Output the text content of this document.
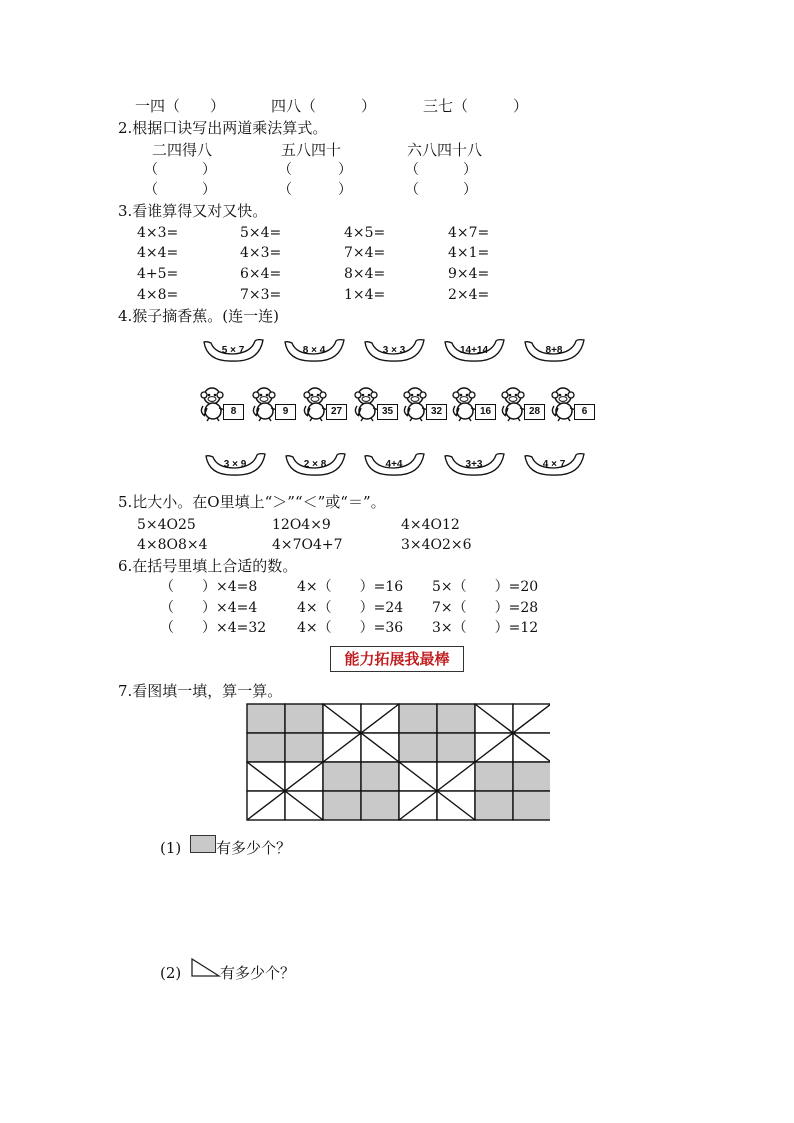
一四（　　）	四八（　　　）	三七（　　　）
2.根据口诀写出两道乘法算式。
二四得八	五八四十	六八四十八
（	）	（	）	（	）
（	）	（	）	（	）
3.看谁算得又对又快。
4×3=	5×4=	4×5=	4×7=
4×4=	4×3=	7×4=	4×1=
4+5=	6×4=	8×4=	9×4=
4×8=	7×3=	1×4=	2×4=
4.猴子摘香蕉。(连一连)
5 × 7	8 × 4	3 × 3	14+14	8+8
8	9	27	35	32	16	28	6
3 × 9	2 × 8	4+4	3+3	4 × 7
5.比大小。在O里填上“＞”“＜”或“＝”。
5×4O25	12O4×9	4×4O12
4×8O8×4	4×7O4+7	3×4O2×6
6.在括号里填上合适的数。
（　　）×4=8	4×（　　）=16 5×（　　）=20
（　　）×4=4	4×（　　）=24 7×（　　）=28
（　　）×4=32 4×（　　）=36 3×（　　）=12
能力拓展我最棒
7.看图填一填，算一算。
(1) 有多少个？
(2)	有多少个？
